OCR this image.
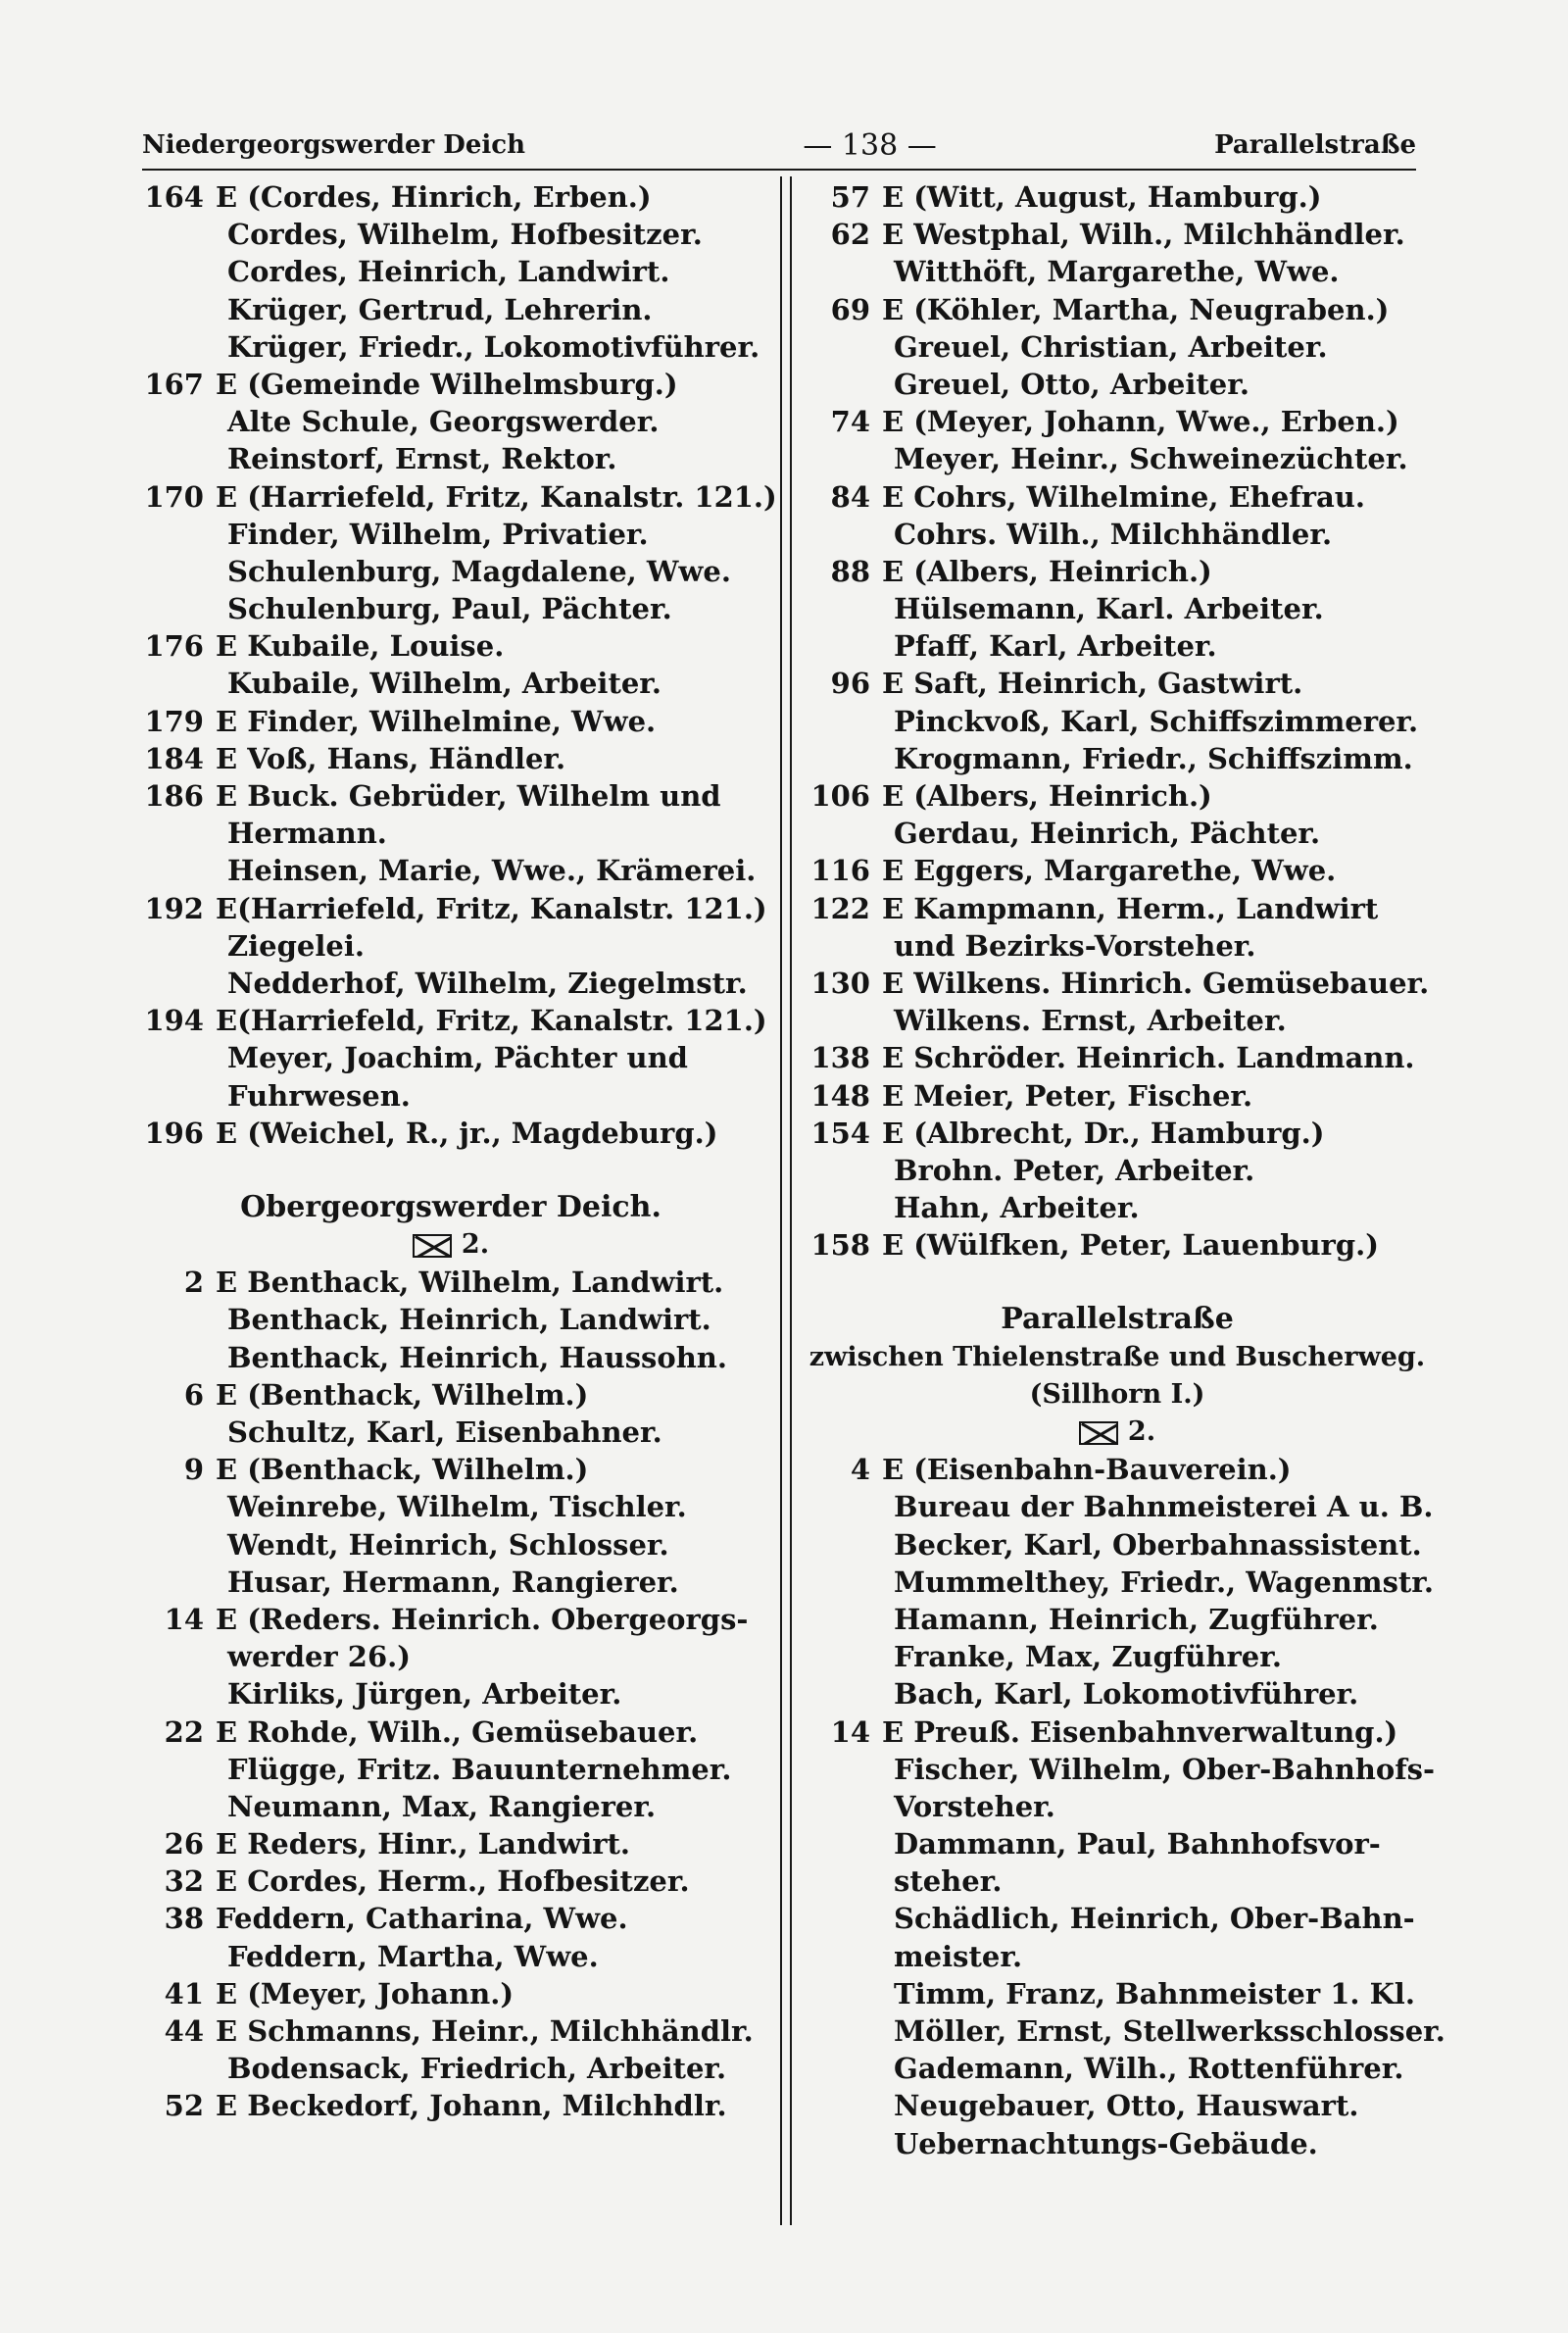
Niedergeorgswerder Deich	— 138 —	Parallelstraße
164 E (Cordes, Hinrich, Erben.)
Cordes, Wilhelm, Hofbesitzer.
Cordes, Heinrich, Landwirt.
Krüger, Gertrud, Lehrerin.
Krüger, Friedr., Lokomotivführer.
167 E (Gemeinde Wilhelmsburg.)
Alte Schule, Georgswerder.
Reinstorf, Ernst, Rektor.
170 E (Harriefeld, Fritz, Kanalstr. 121.)
Finder, Wilhelm, Privatier.
Schulenburg, Magdalene, Wwe.
Schulenburg, Paul, Pächter.
176 E Kubaile, Louise.
Kubaile, Wilhelm, Arbeiter.
179 E Finder, Wilhelmine, Wwe.
184 E Voß, Hans, Händler.
186 E Buck. Gebrüder, Wilhelm und
Hermann.
Heinsen, Marie, Wwe., Krämerei.
192 E(Harriefeld, Fritz, Kanalstr. 121.)
Ziegelei.
Nedderhof, Wilhelm, Ziegelmstr.
194 E(Harriefeld, Fritz, Kanalstr. 121.)
Meyer, Joachim, Pächter und
Fuhrwesen.
196 E (Weichel, R., jr., Magdeburg.)
Obergeorgswerder Deich.
2.
2 E Benthack, Wilhelm, Landwirt.
Benthack, Heinrich, Landwirt.
Benthack, Heinrich, Haussohn.
6 E (Benthack, Wilhelm.)
Schultz, Karl, Eisenbahner.
9 E (Benthack, Wilhelm.)
Weinrebe, Wilhelm, Tischler.
Wendt, Heinrich, Schlosser.
Husar, Hermann, Rangierer.
14 E (Reders. Heinrich. Obergeorgs-
werder 26.)
Kirliks, Jürgen, Arbeiter.
22 E Rohde, Wilh., Gemüsebauer.
Flügge, Fritz. Bauunternehmer.
Neumann, Max, Rangierer.
26 E Reders, Hinr., Landwirt.
32 E Cordes, Herm., Hofbesitzer.
38 Feddern, Catharina, Wwe.
Feddern, Martha, Wwe.
41 E (Meyer, Johann.)
44 E Schmanns, Heinr., Milchhändlr.
Bodensack, Friedrich, Arbeiter.
52 E Beckedorf, Johann, Milchhdlr.
57 E (Witt, August, Hamburg.)
62 E Westphal, Wilh., Milchhändler.
Witthöft, Margarethe, Wwe.
69 E (Köhler, Martha, Neugraben.)
Greuel, Christian, Arbeiter.
Greuel, Otto, Arbeiter.
74 E (Meyer, Johann, Wwe., Erben.)
Meyer, Heinr., Schweinezüchter.
84 E Cohrs, Wilhelmine, Ehefrau.
Cohrs. Wilh., Milchhändler.
88 E (Albers, Heinrich.)
Hülsemann, Karl. Arbeiter.
Pfaff, Karl, Arbeiter.
96 E Saft, Heinrich, Gastwirt.
Pinckvoß, Karl, Schiffszimmerer.
Krogmann, Friedr., Schiffszimm.
106 E (Albers, Heinrich.)
Gerdau, Heinrich, Pächter.
116 E Eggers, Margarethe, Wwe.
122 E Kampmann, Herm., Landwirt
und Bezirks-Vorsteher.
130 E Wilkens. Hinrich. Gemüsebauer.
Wilkens. Ernst, Arbeiter.
138 E Schröder. Heinrich. Landmann.
148 E Meier, Peter, Fischer.
154 E (Albrecht, Dr., Hamburg.)
Brohn. Peter, Arbeiter.
Hahn, Arbeiter.
158 E (Wülfken, Peter, Lauenburg.)
Parallelstraße
zwischen Thielenstraße und Buscherweg.
(Sillhorn I.)
2.
4 E (Eisenbahn-Bauverein.)
Bureau der Bahnmeisterei A u. B.
Becker, Karl, Oberbahnassistent.
Mummelthey, Friedr., Wagenmstr.
Hamann, Heinrich, Zugführer.
Franke, Max, Zugführer.
Bach, Karl, Lokomotivführer.
14 E Preuß. Eisenbahnverwaltung.)
Fischer, Wilhelm, Ober-Bahnhofs-
Vorsteher.
Dammann, Paul, Bahnhofsvor-
steher.
Schädlich, Heinrich, Ober-Bahn-
meister.
Timm, Franz, Bahnmeister 1. Kl.
Möller, Ernst, Stellwerksschlosser.
Gademann, Wilh., Rottenführer.
Neugebauer, Otto, Hauswart.
Uebernachtungs-Gebäude.
